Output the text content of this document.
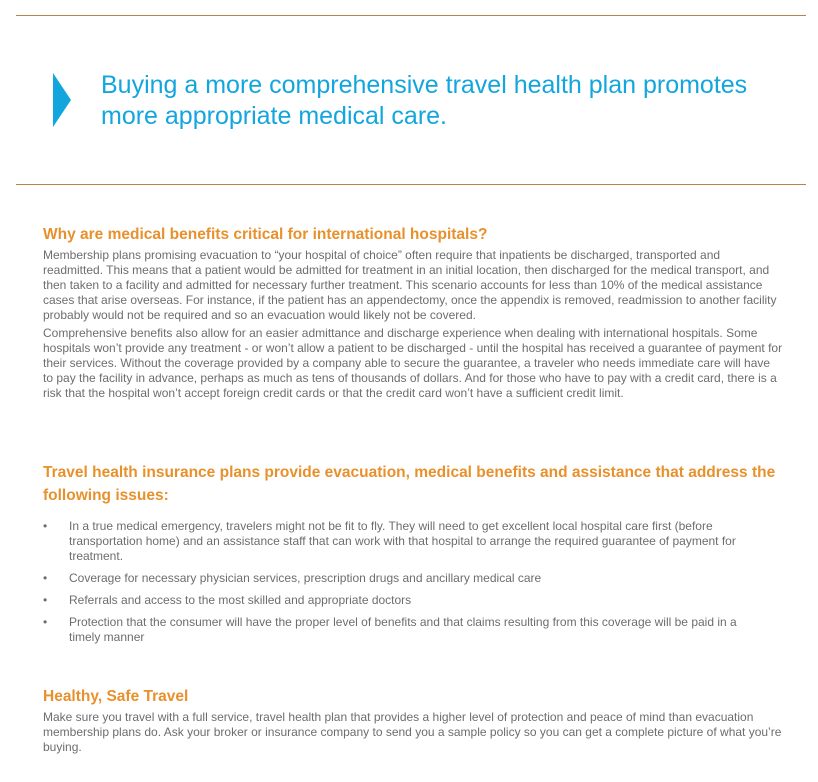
Buying a more comprehensive travel health plan promotes more appropriate medical care.
Why are medical benefits critical for international hospitals?

Membership plans promising evacuation to “your hospital of choice” often require that inpatients be discharged, transported and readmitted. This means that a patient would be admitted for treatment in an initial location, then discharged for the medical transport, and then taken to a facility and admitted for necessary further treatment. This scenario accounts for less than 10% of the medical assistance cases that arise overseas. For instance, if the patient has an appendectomy, once the appendix is removed, readmission to another facility probably would not be required and so an evacuation would likely not be covered.

Comprehensive benefits also allow for an easier admittance and discharge experience when dealing with international hospitals. Some hospitals won’t provide any treatment - or won’t allow a patient to be discharged - until the hospital has received a guarantee of payment for their services. Without the coverage provided by a company able to secure the guarantee, a traveler who needs immediate care will have to pay the facility in advance, perhaps as much as tens of thousands of dollars. And for those who have to pay with a credit card, there is a risk that the hospital won’t accept foreign credit cards or that the credit card won’t have a sufficient credit limit.

Travel health insurance plans provide evacuation, medical benefits and assistance that address the following issues:
• In a true medical emergency, travelers might not be fit to fly. They will need to get excellent local hospital care first (before transportation home) and an assistance staff that can work with that hospital to arrange the required guarantee of payment for treatment.
• Coverage for necessary physician services, prescription drugs and ancillary medical care
• Referrals and access to the most skilled and appropriate doctors
• Protection that the consumer will have the proper level of benefits and that claims resulting from this coverage will be paid in a timely manner
Healthy, Safe Travel

Make sure you travel with a full service, travel health plan that provides a higher level of protection and peace of mind than evacuation membership plans do. Ask your broker or insurance company to send you a sample policy so you can get a complete picture of what you’re buying.
